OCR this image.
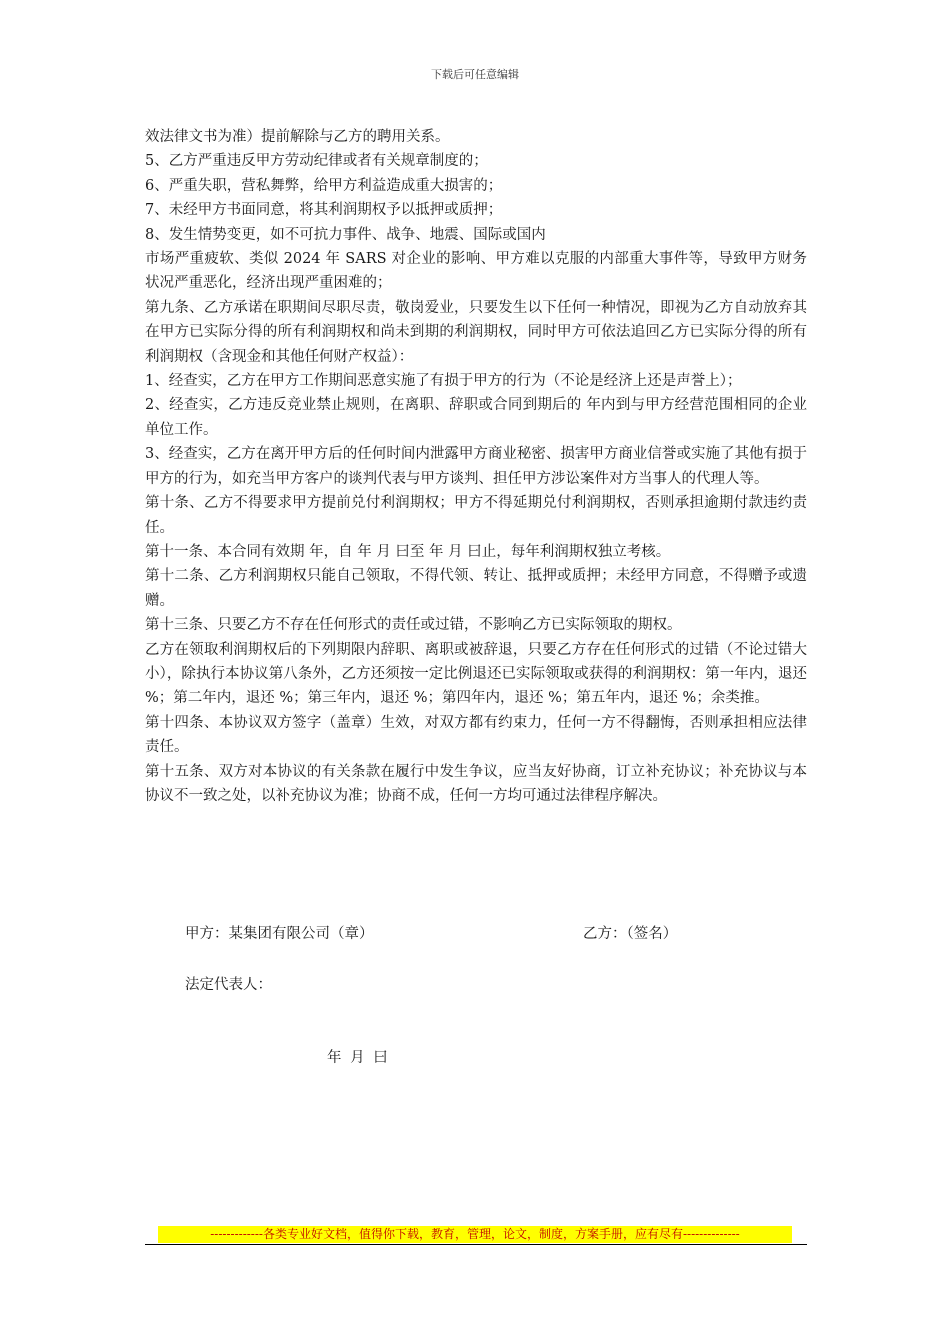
下载后可任意编辑

效法律文书为准）提前解除与乙方的聘用关系。

5、乙方严重违反甲方劳动纪律或者有关规章制度的；

6、严重失职，营私舞弊，给甲方利益造成重大损害的；

7、未经甲方书面同意，将其利润期权予以抵押或质押；

8、发生情势变更，如不可抗力事件、战争、地震、国际或国内

市场严重疲软、类似 2024 年 SARS 对企业的影响、甲方难以克服的内部重大事件等，导致甲方财务状况严重恶化，经济出现严重困难的；

第九条、乙方承诺在职期间尽职尽责，敬岗爱业，只要发生以下任何一种情况，即视为乙方自动放弃其在甲方已实际分得的所有利润期权和尚未到期的利润期权，同时甲方可依法追回乙方已实际分得的所有利润期权（含现金和其他任何财产权益）：

1、经查实，乙方在甲方工作期间恶意实施了有损于甲方的行为（不论是经济上还是声誉上）；

2、经查实，乙方违反竞业禁止规则，在离职、辞职或合同到期后的 年内到与甲方经营范围相同的企业单位工作。

3、经查实，乙方在离开甲方后的任何时间内泄露甲方商业秘密、损害甲方商业信誉或实施了其他有损于甲方的行为，如充当甲方客户的谈判代表与甲方谈判、担任甲方涉讼案件对方当事人的代理人等。

第十条、乙方不得要求甲方提前兑付利润期权；甲方不得延期兑付利润期权，否则承担逾期付款违约责任。

第十一条、本合同有效期 年，自 年 月 曰至 年 月 曰止，每年利润期权独立考核。

第十二条、乙方利润期权只能自己领取，不得代领、转让、抵押或质押；未经甲方同意，不得赠予或遗赠。

第十三条、只要乙方不存在任何形式的责任或过错，不影响乙方已实际领取的期权。

乙方在领取利润期权后的下列期限内辞职、离职或被辞退，只要乙方存在任何形式的过错（不论过错大小），除执行本协议第八条外，乙方还须按一定比例退还已实际领取或获得的利润期权：第一年内，退还 %；第二年内，退还 %；第三年内，退还 %；第四年内，退还 %；第五年内，退还 %；余类推。

第十四条、本协议双方签字（盖章）生效，对双方都有约束力，任何一方不得翻悔，否则承担相应法律责任。

第十五条、双方对本协议的有关条款在履行中发生争议，应当友好协商，订立补充协议；补充协议与本协议不一致之处，以补充协议为准；协商不成，任何一方均可通过法律程序解决。

甲方：某集团有限公司（章）	乙方：（签名）
法定代表人：
年 月 曰
-------------各类专业好文档，值得你下载，教育，管理，论文，制度，方案手册，应有尽有--------------
